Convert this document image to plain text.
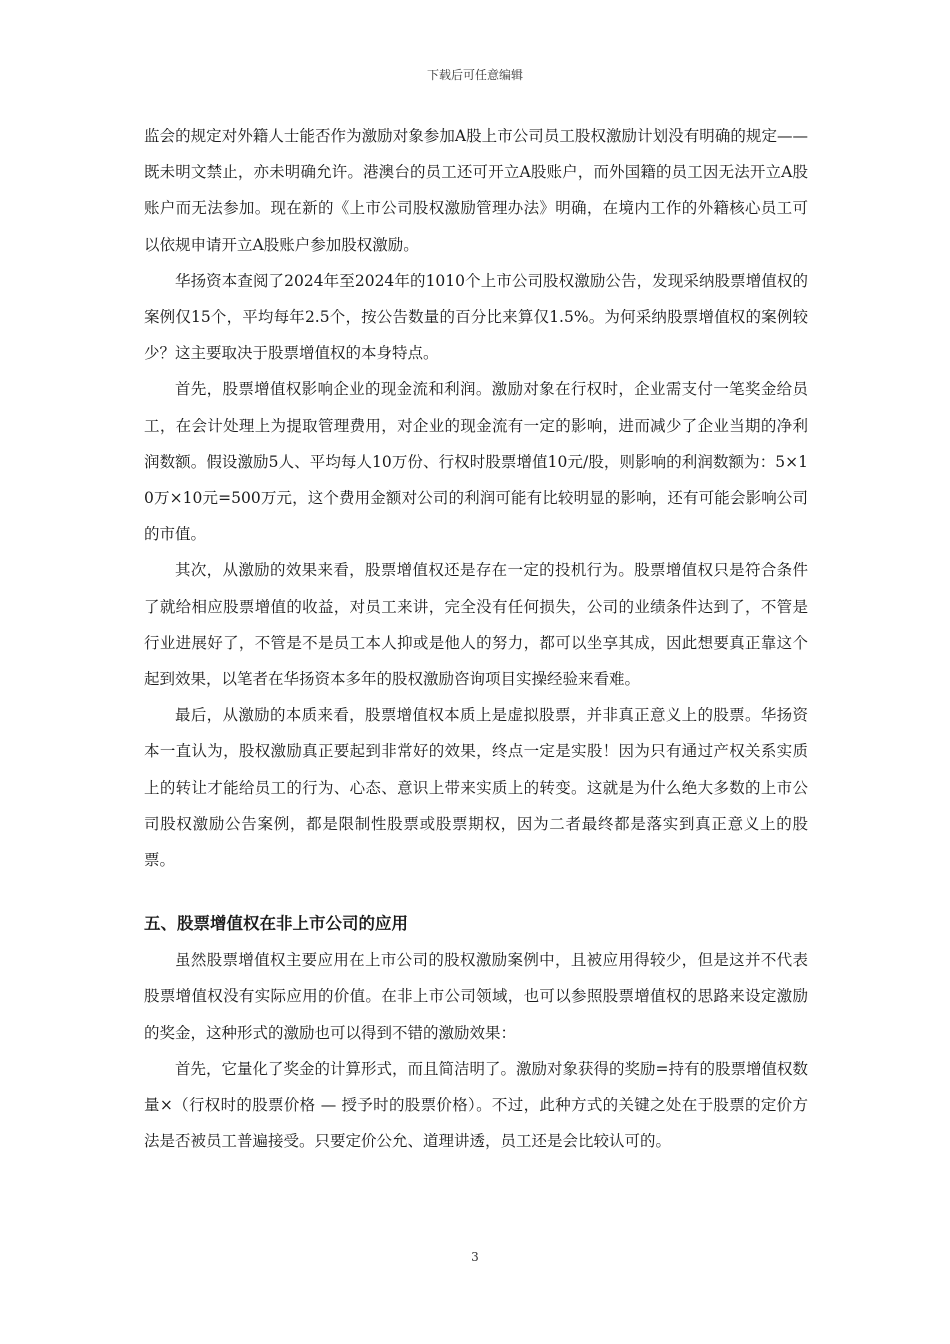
下载后可任意编辑

监会的规定对外籍人士能否作为激励对象参加A股上市公司员工股权激励计划没有明确的规定——既未明文禁止，亦未明确允许。港澳台的员工还可开立A股账户，而外国籍的员工因无法开立A股账户而无法参加。现在新的《上市公司股权激励管理办法》明确，在境内工作的外籍核心员工可以依规申请开立A股账户参加股权激励。

华扬资本查阅了2024年至2024年的1010个上市公司股权激励公告，发现采纳股票增值权的案例仅15个，平均每年2.5个，按公告数量的百分比来算仅1.5%。为何采纳股票增值权的案例较少？这主要取决于股票增值权的本身特点。

首先，股票增值权影响企业的现金流和利润。激励对象在行权时，企业需支付一笔奖金给员工，在会计处理上为提取管理费用，对企业的现金流有一定的影响，进而减少了企业当期的净利润数额。假设激励5人、平均每人10万份、行权时股票增值10元/股，则影响的利润数额为：5×10万×10元=500万元，这个费用金额对公司的利润可能有比较明显的影响，还有可能会影响公司的市值。

其次，从激励的效果来看，股票增值权还是存在一定的投机行为。股票增值权只是符合条件了就给相应股票增值的收益，对员工来讲，完全没有任何损失，公司的业绩条件达到了，不管是行业进展好了，不管是不是员工本人抑或是他人的努力，都可以坐享其成，因此想要真正靠这个起到效果，以笔者在华扬资本多年的股权激励咨询项目实操经验来看难。

最后，从激励的本质来看，股票增值权本质上是虚拟股票，并非真正意义上的股票。华扬资本一直认为，股权激励真正要起到非常好的效果，终点一定是实股！因为只有通过产权关系实质上的转让才能给员工的行为、心态、意识上带来实质上的转变。这就是为什么绝大多数的上市公司股权激励公告案例，都是限制性股票或股票期权，因为二者最终都是落实到真正意义上的股票。

五、股票增值权在非上市公司的应用

虽然股票增值权主要应用在上市公司的股权激励案例中，且被应用得较少，但是这并不代表股票增值权没有实际应用的价值。在非上市公司领域，也可以参照股票增值权的思路来设定激励的奖金，这种形式的激励也可以得到不错的激励效果：

首先，它量化了奖金的计算形式，而且简洁明了。激励对象获得的奖励=持有的股票增值权数量×（行权时的股票价格 — 授予时的股票价格）。不过，此种方式的关键之处在于股票的定价方法是否被员工普遍接受。只要定价公允、道理讲透，员工还是会比较认可的。

3
